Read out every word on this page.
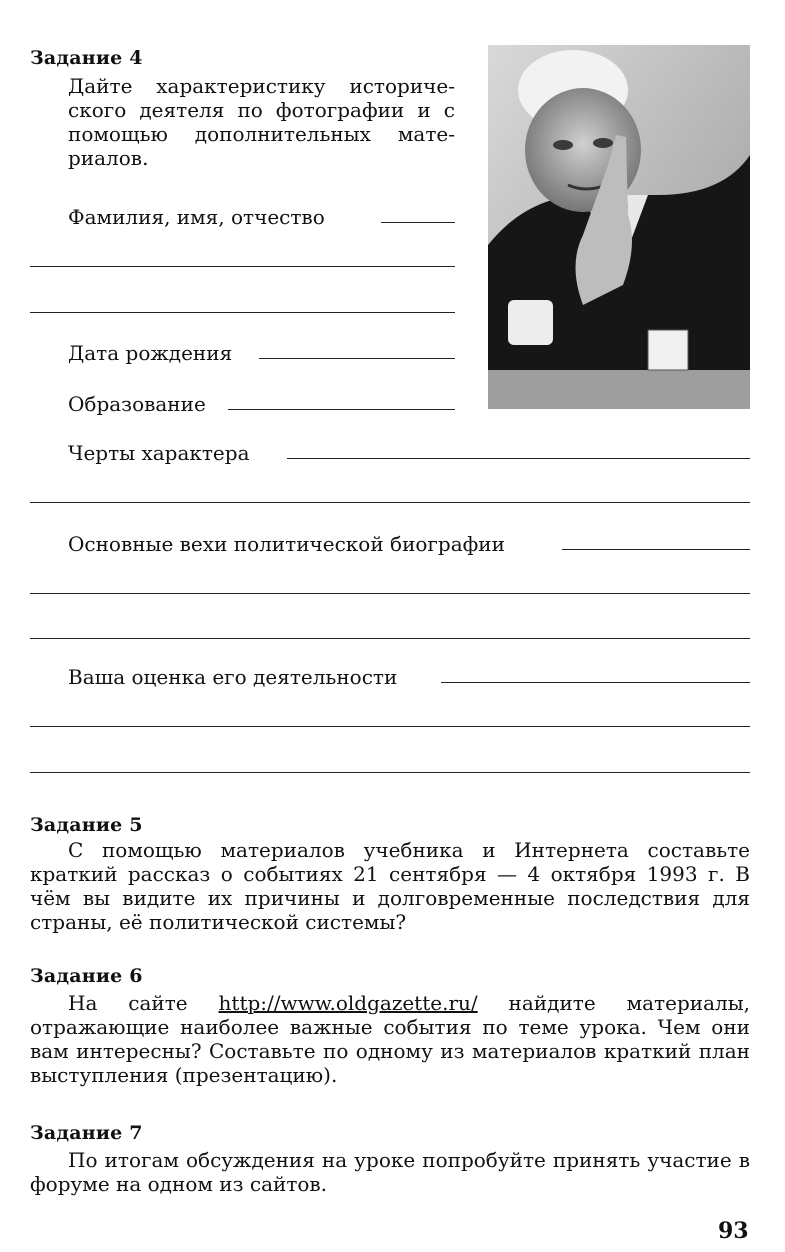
Задание 4
Дайте характеристику исторического деятеля по фотографии и с помощью дополнительных материалов.
Фамилия, имя, отчество
Дата рождения
Образование
Черты характера
Основные вехи политической биографии
Ваша оценка его деятельности
Задание 5
С помощью материалов учебника и Интернета составьте краткий рассказ о событиях 21 сентября — 4 октября 1993 г. В чём вы видите их причины и долговременные последствия для страны, её политической системы?
Задание 6
На сайте http://www.oldgazette.ru/ найдите материалы, отражающие наиболее важные события по теме урока. Чем они вам интересны? Составьте по одному из материалов краткий план выступления (презентацию).
Задание 7
По итогам обсуждения на уроке попробуйте принять участие в форуме на одном из сайтов.
93
